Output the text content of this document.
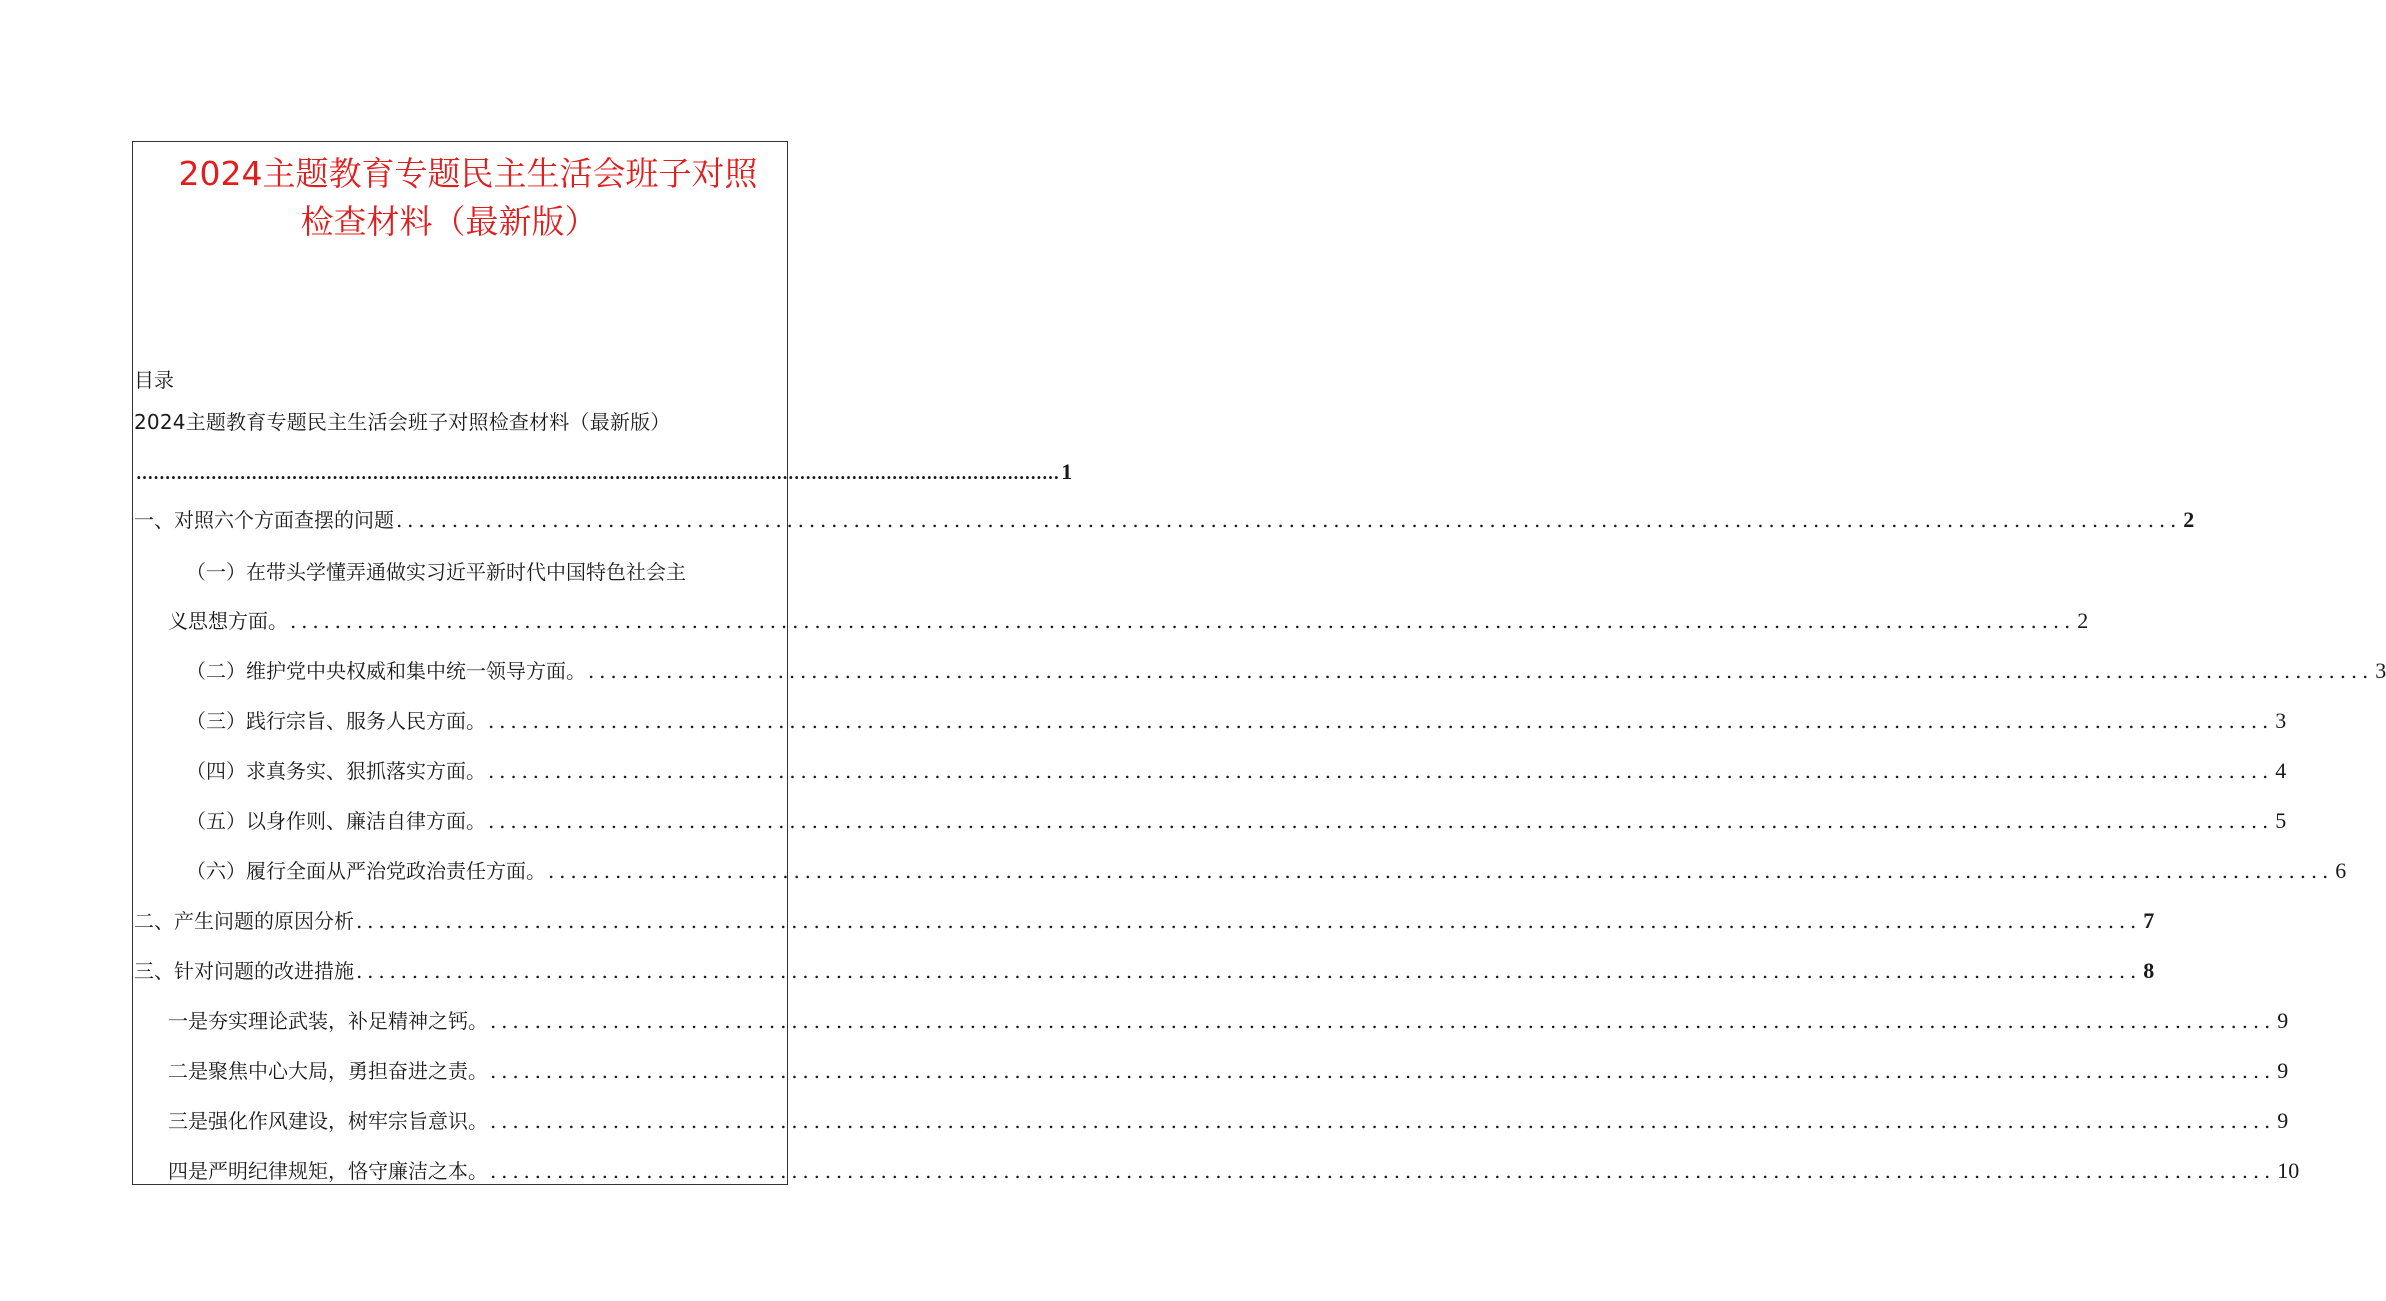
2024主题教育专题民主生活会班子对照
检查材料（最新版）
目录
2024主题教育专题民主生活会班子对照检查材料（最新版）
................................................................................................................................................................ 1
一、对照六个方面查摆的问题 ................................................................................................................................................................ 2
（一）在带头学懂弄通做实习近平新时代中国特色社会主
义思想方面。 ................................................................................................................................................................ 2
（二）维护党中央权威和集中统一领导方面。 ................................................................................................................................................................ 3
（三）践行宗旨、服务人民方面。 ................................................................................................................................................................ 3
（四）求真务实、狠抓落实方面。 ................................................................................................................................................................ 4
（五）以身作则、廉洁自律方面。 ................................................................................................................................................................ 5
（六）履行全面从严治党政治责任方面。 ................................................................................................................................................................ 6
二、产生问题的原因分析 ................................................................................................................................................................ 7
三、针对问题的改进措施 ................................................................................................................................................................ 8
一是夯实理论武装，补足精神之钙。 ................................................................................................................................................................ 9
二是聚焦中心大局，勇担奋进之责。 ................................................................................................................................................................ 9
三是强化作风建设，树牢宗旨意识。 ................................................................................................................................................................ 9
四是严明纪律规矩，恪守廉洁之本。 ................................................................................................................................................................ 10
